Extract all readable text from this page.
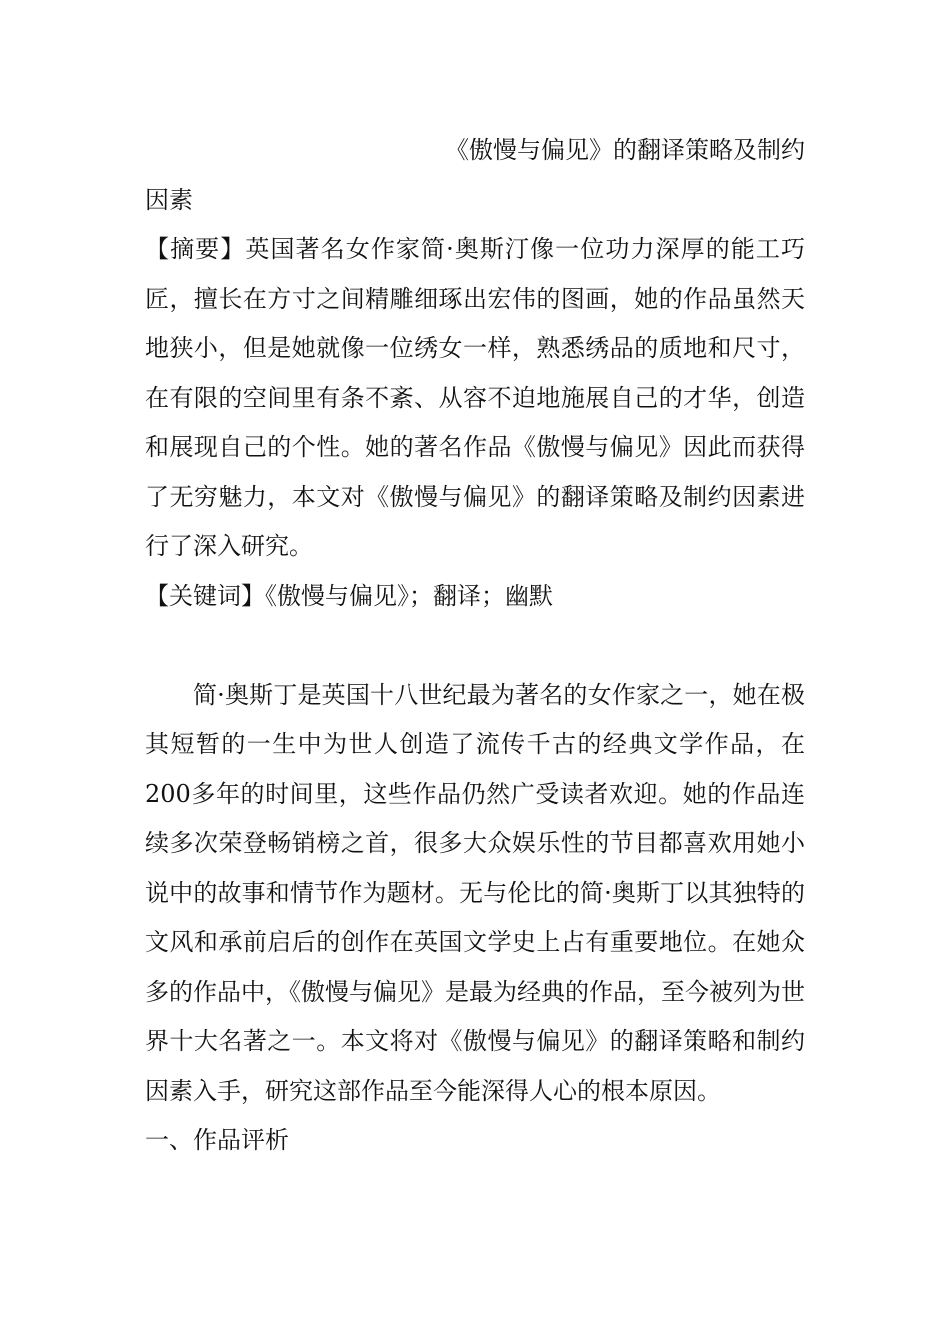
《傲慢与偏见》的翻译策略及制约
因素

【摘要】英国著名女作家简·奥斯汀像一位功力深厚的能工巧匠，擅长在方寸之间精雕细琢出宏伟的图画，她的作品虽然天地狭小，但是她就像一位绣女一样，熟悉绣品的质地和尺寸，在有限的空间里有条不紊、从容不迫地施展自己的才华，创造和展现自己的个性。她的著名作品《傲慢与偏见》因此而获得了无穷魅力，本文对《傲慢与偏见》的翻译策略及制约因素进行了深入研究。

【关键词】《傲慢与偏见》；翻译；幽默

简·奥斯丁是英国十八世纪最为著名的女作家之一，她在极其短暂的一生中为世人创造了流传千古的经典文学作品，在200多年的时间里，这些作品仍然广受读者欢迎。她的作品连续多次荣登畅销榜之首，很多大众娱乐性的节目都喜欢用她小说中的故事和情节作为题材。无与伦比的简·奥斯丁以其独特的文风和承前启后的创作在英国文学史上占有重要地位。在她众多的作品中，《傲慢与偏见》是最为经典的作品，至今被列为世界十大名著之一。本文将对《傲慢与偏见》的翻译策略和制约因素入手，研究这部作品至今能深得人心的根本原因。

一、作品评析
